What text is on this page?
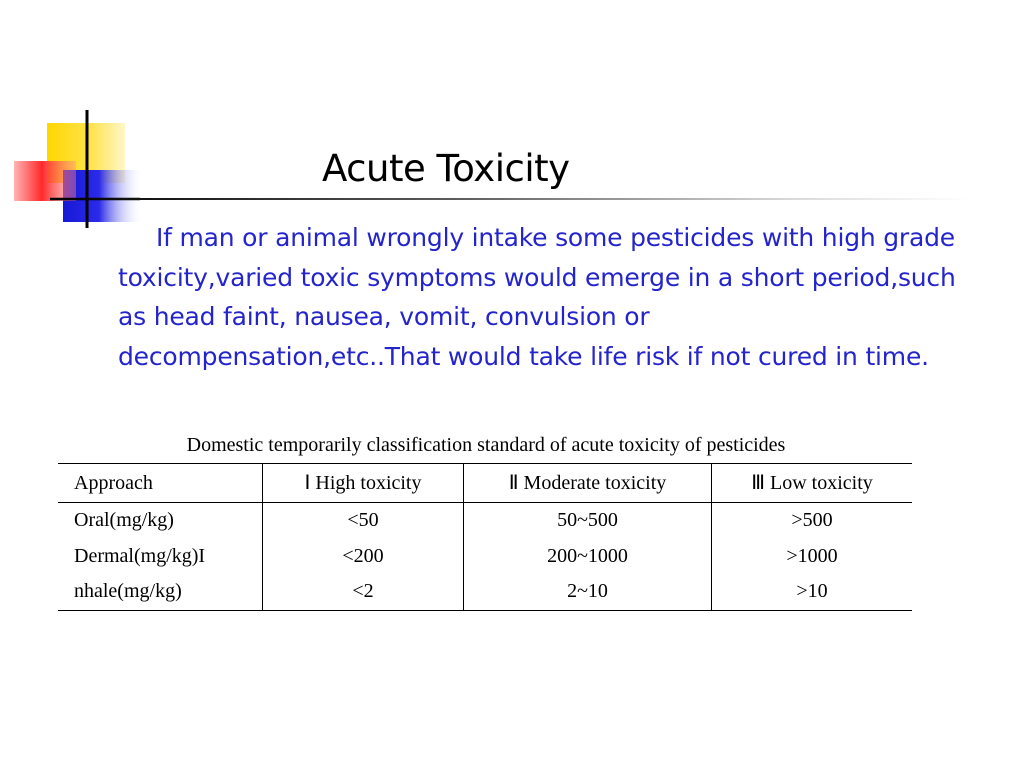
Acute Toxicity

If man or animal wrongly intake some pesticides with high grade toxicity,varied toxic symptoms would emerge in a short period,such as head faint, nausea, vomit, convulsion or decompensation,etc..That would take life risk if not cured in time.

Domestic temporarily classification standard of acute toxicity of pesticides
Approach	Ⅰ High toxicity	Ⅱ Moderate toxicity	Ⅲ Low toxicity
Oral(mg/kg)	<50	50~500	>500
Dermal(mg/kg)I	<200	200~1000	>1000
nhale(mg/kg)	<2	2~10	>10
